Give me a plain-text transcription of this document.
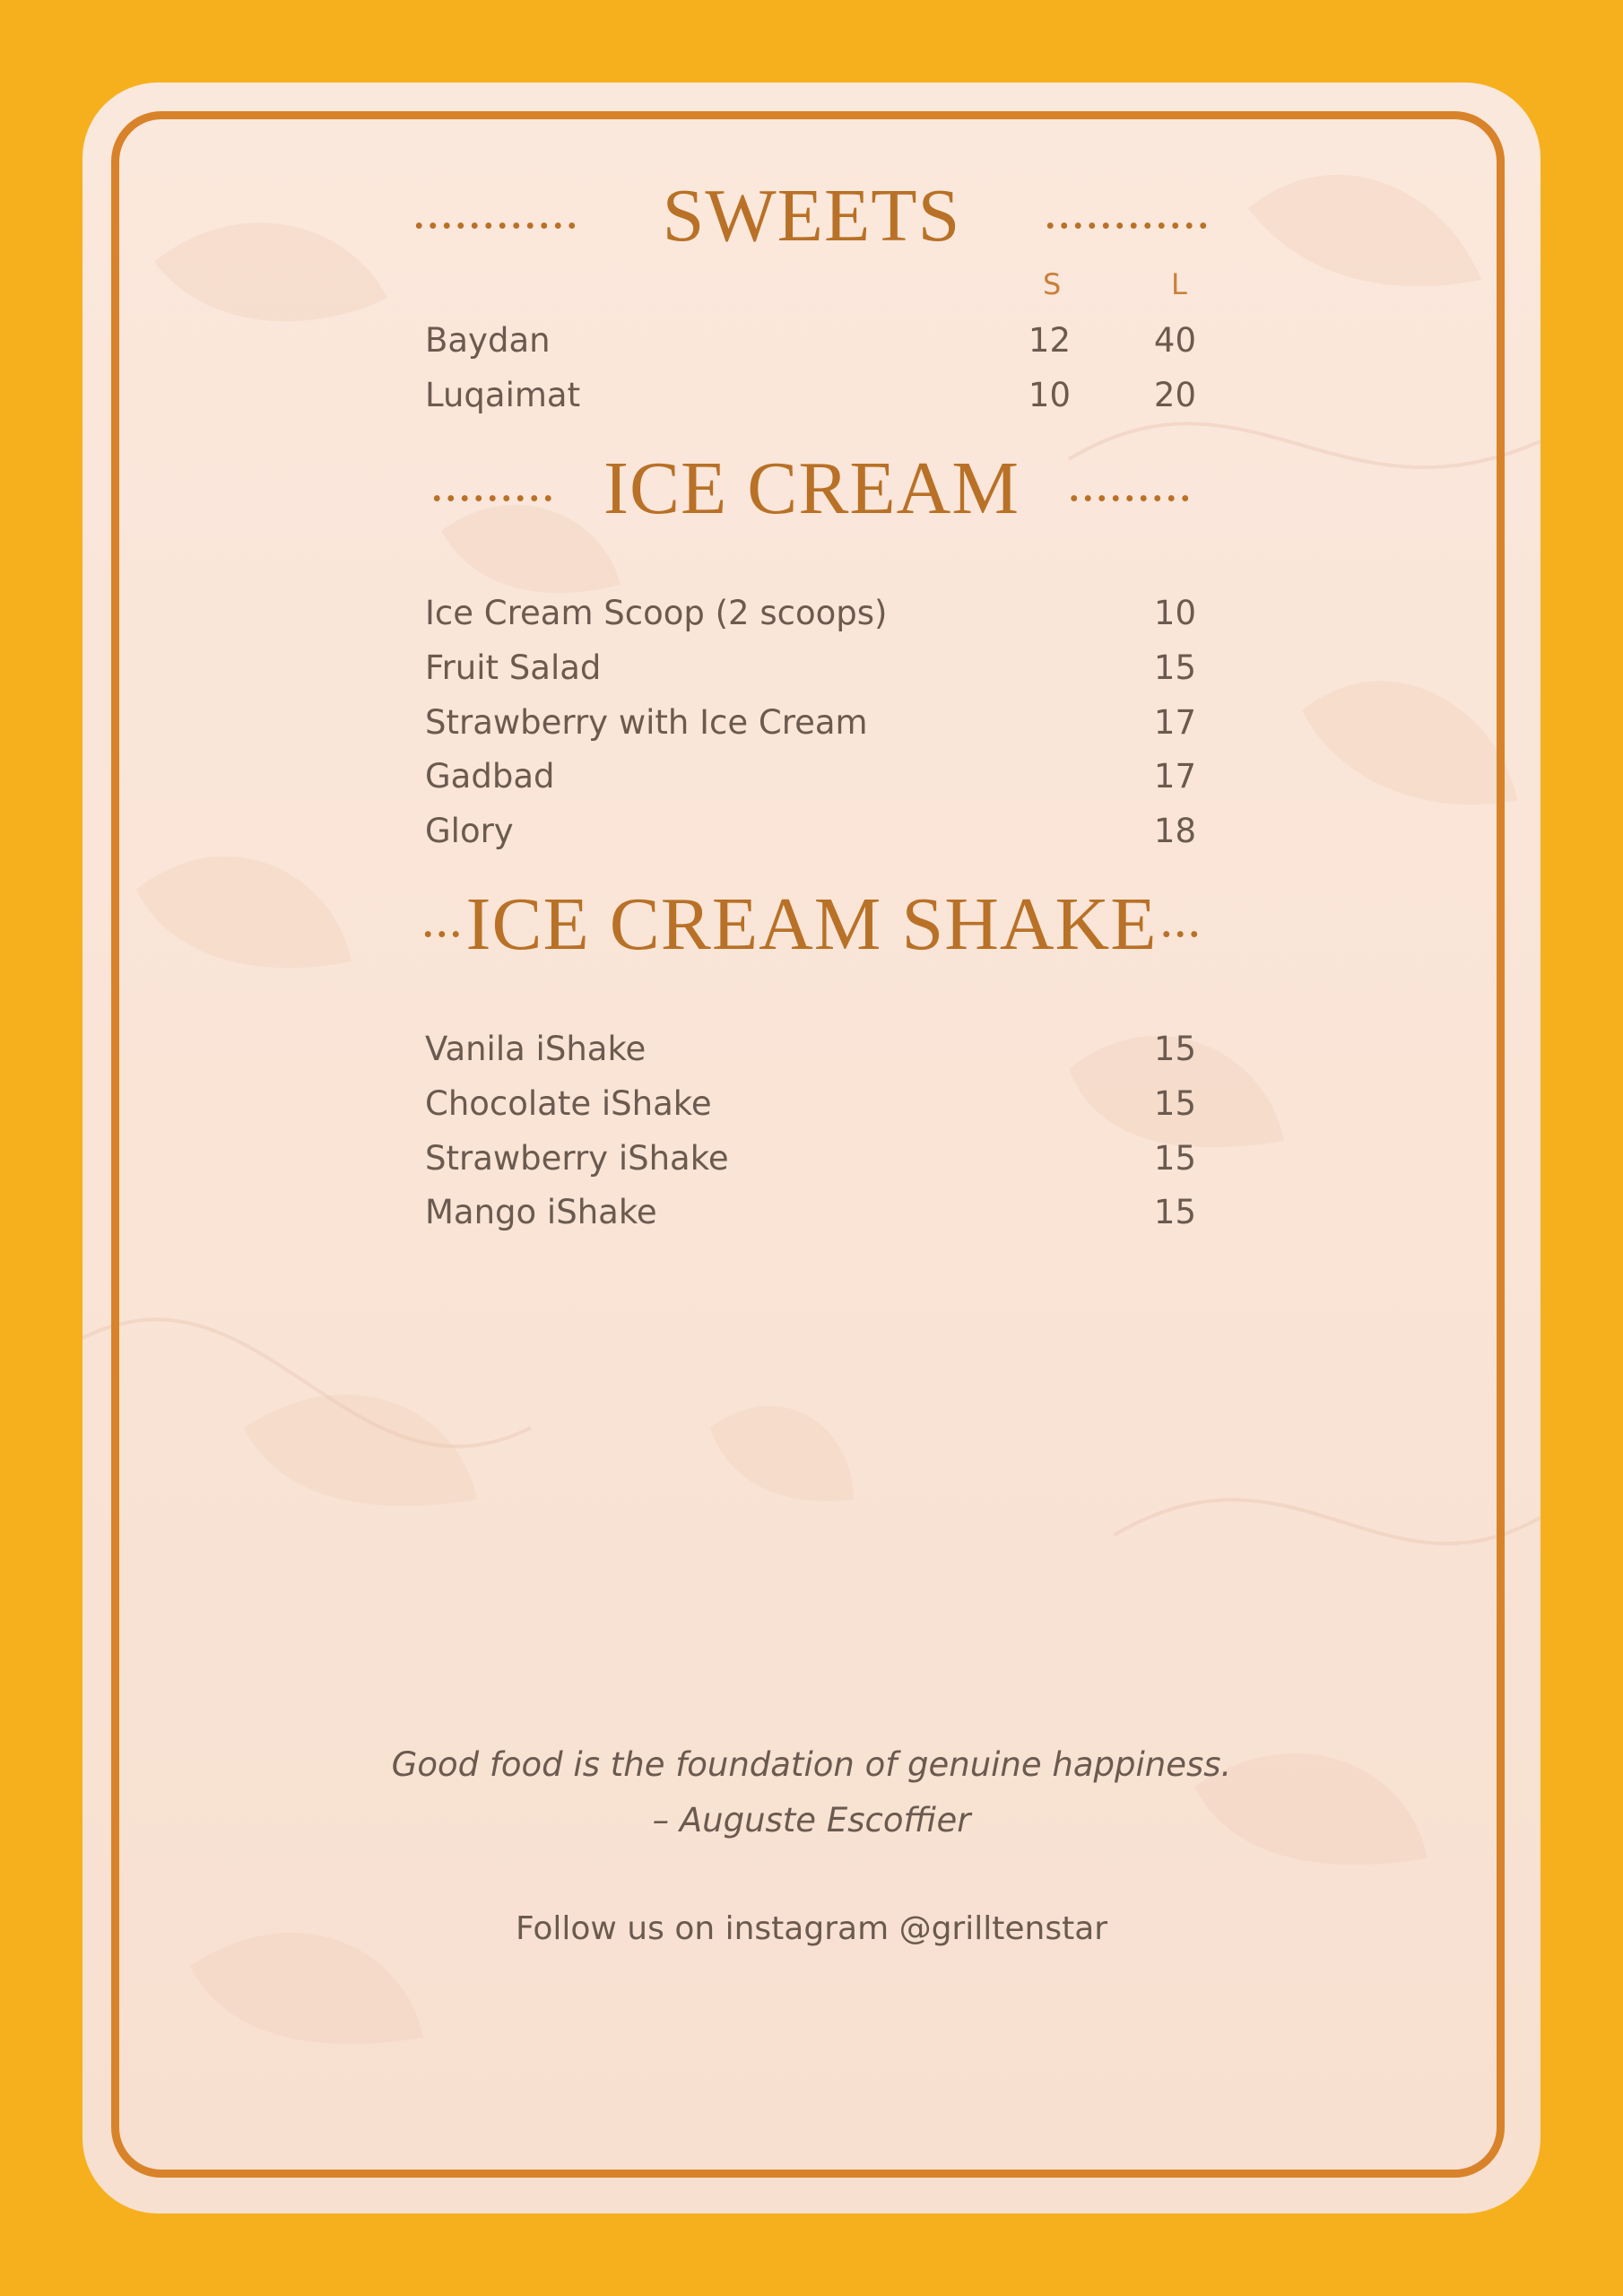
............ SWEETS ............
S	L
Baydan	12	40
Luqaimat	10	20
......... ICE CREAM .........
Ice Cream Scoop (2 scoops)	10
Fruit Salad	15
Strawberry with Ice Cream	17
Gadbad	17
Glory	18
... ICE CREAM SHAKE ...
Vanila iShake	15
Chocolate iShake	15
Strawberry iShake	15
Mango iShake	15
Good food is the foundation of genuine happiness.
– Auguste Escoffier
Follow us on instagram @grilltenstar
